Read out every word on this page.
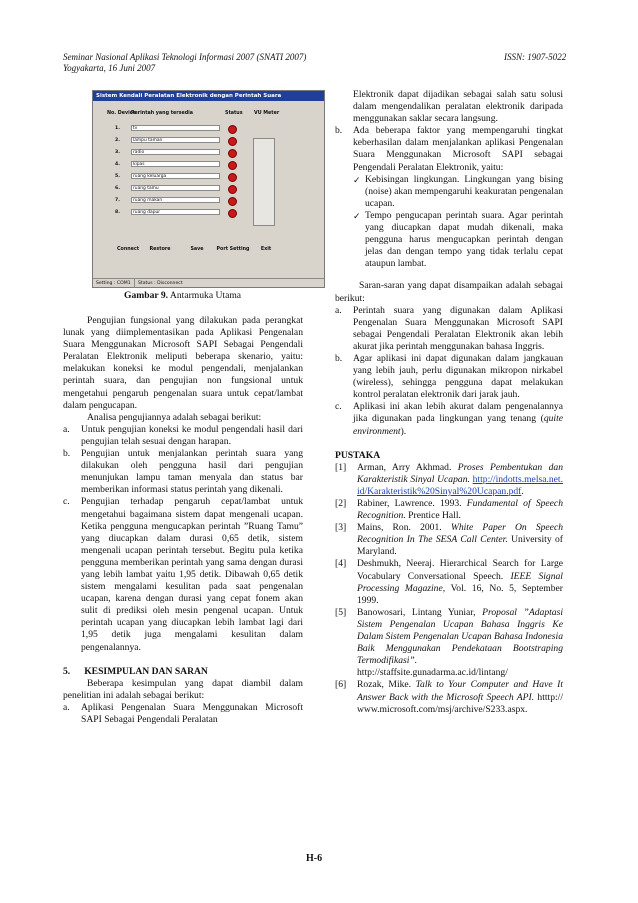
Seminar Nasional Aplikasi Teknologi Informasi 2007 (SNATI 2007)
Yogyakarta, 16 Juni 2007
ISSN: 1907-5022
Sistem Kendali Peralatan Elektronik dengan Perintah Suara
No. Device
Perintah yang tersedia	Status VU Meter
1.	tv
2.	lampu taman
3.	radio
4.	kipas
5.	ruang keluarga
6.	ruang tamu
7.	ruang makan
8.	ruang dapur
Connect Restore	Save	Port Setting	Exit
Setting : COM1	Status : Disconnect
Gambar 9. Antarmuka Utama

Pengujian fungsional yang dilakukan pada perangkat lunak yang diimplementasikan pada Aplikasi Pengenalan Suara Menggunakan Microsoft SAPI Sebagai Pengendali Peralatan Elektronik meliputi beberapa skenario, yaitu: melakukan koneksi ke modul pengendali, menjalankan perintah suara, dan pengujian non fungsional untuk mengetahui pengaruh pengenalan suara untuk cepat/lambat dalam pengucapan.

Analisa pengujiannya adalah sebagai berikut:

a.	Untuk pengujian koneksi ke modul pengendali hasil dari pengujian telah sesuai dengan harapan.
b.	Pengujian untuk menjalankan perintah suara yang dilakukan oleh pengguna hasil dari pengujian menunjukan lampu taman menyala dan status bar memberikan informasi status perintah yang dikenali.
c.	Pengujian terhadap pengaruh cepat/lambat untuk mengetahui bagaimana sistem dapat mengenali ucapan. Ketika pengguna mengucapkan perintah ”Ruang Tamu” yang diucapkan dalam durasi 0,65 detik, sistem mengenali ucapan perintah tersebut. Begitu pula ketika pengguna memberikan perintah yang sama dengan durasi yang lebih lambat yaitu 1,95 detik. Dibawah 0,65 detik sistem mengalami kesulitan pada saat pengenalan ucapan, karena dengan durasi yang cepat fonem akan sulit di prediksi oleh mesin pengenal ucapan. Untuk perintah ucapan yang diucapkan lebih lambat lagi dari 1,95 detik juga mengalami kesulitan dalam pengenalannya.
5. KESIMPULAN DAN SARAN

Beberapa kesimpulan yang dapat diambil dalam penelitian ini adalah sebagai berikut:

a.	Aplikasi Pengenalan Suara Menggunakan Microsoft SAPI Sebagai Pengendali Peralatan

Elektronik dapat dijadikan sebagai salah satu solusi dalam mengendalikan peralatan elektronik daripada menggunakan saklar secara langsung.

b.	Ada beberapa faktor yang mempengaruhi tingkat keberhasilan dalam menjalankan aplikasi Pengenalan Suara Menggunakan Microsoft SAPI sebagai Pengendali Peralatan Elektronik, yaitu:
✓ Kebisingan lingkungan. Lingkungan yang bising (noise) akan mempengaruhi keakuratan pengenalan ucapan.
✓ Tempo pengucapan perintah suara. Agar perintah yang diucapkan dapat mudah dikenali, maka pengguna harus mengucapkan perintah dengan jelas dan dengan tempo yang tidak terlalu cepat ataupun lambat.

Saran-saran yang dapat disampaikan adalah sebagai berikut:

a.	Perintah suara yang digunakan dalam Aplikasi Pengenalan Suara Menggunakan Microsoft SAPI sebagai Pengendali Peralatan Elektronik akan lebih akurat jika perintah menggunakan bahasa Inggris.
b.	Agar aplikasi ini dapat digunakan dalam jangkauan yang lebih jauh, perlu digunakan mikropon nirkabel (wireless), sehingga pengguna dapat melakukan kontrol peralatan elektronik dari jarak jauh.
c.	Aplikasi ini akan lebih akurat dalam pengenalannya jika digunakan pada lingkungan yang tenang (quite environment).
PUSTAKA
[1]	Arman, Arry Akhmad. Proses Pembentukan dan Karakteristik Sinyal Ucapan. http://indotts.melsa.net.id/Karakteristik%20Sinyal%20Ucapan.pdf.
[2]	Rabiner, Lawrence. 1993. Fundamental of Speech Recognition. Prentice Hall.
[3]	Mains, Ron. 2001. White Paper On Speech Recognition In The SESA Call Center. University of Maryland.
[4]	Deshmukh, Neeraj. Hierarchical Search for Large Vocabulary Conversational Speech. IEEE Signal Processing Magazine, Vol. 16, No. 5, September 1999.
[5]	Banowosari, Lintang Yuniar, Proposal ”Adaptasi Sistem Pengenalan Ucapan Bahasa Inggris Ke Dalam Sistem Pengenalan Ucapan Bahasa Indonesia Baik Menggunakan Pendekataan Bootstraping Termodifikasi”. http://staffsite.gunadarma.ac.id/lintang/
[6]	Rozak, Mike. Talk to Your Computer and Have It Answer Back with the Microsoft Speech API. htttp://www.microsoft.com/msj/archive/S233.aspx.
H-6
